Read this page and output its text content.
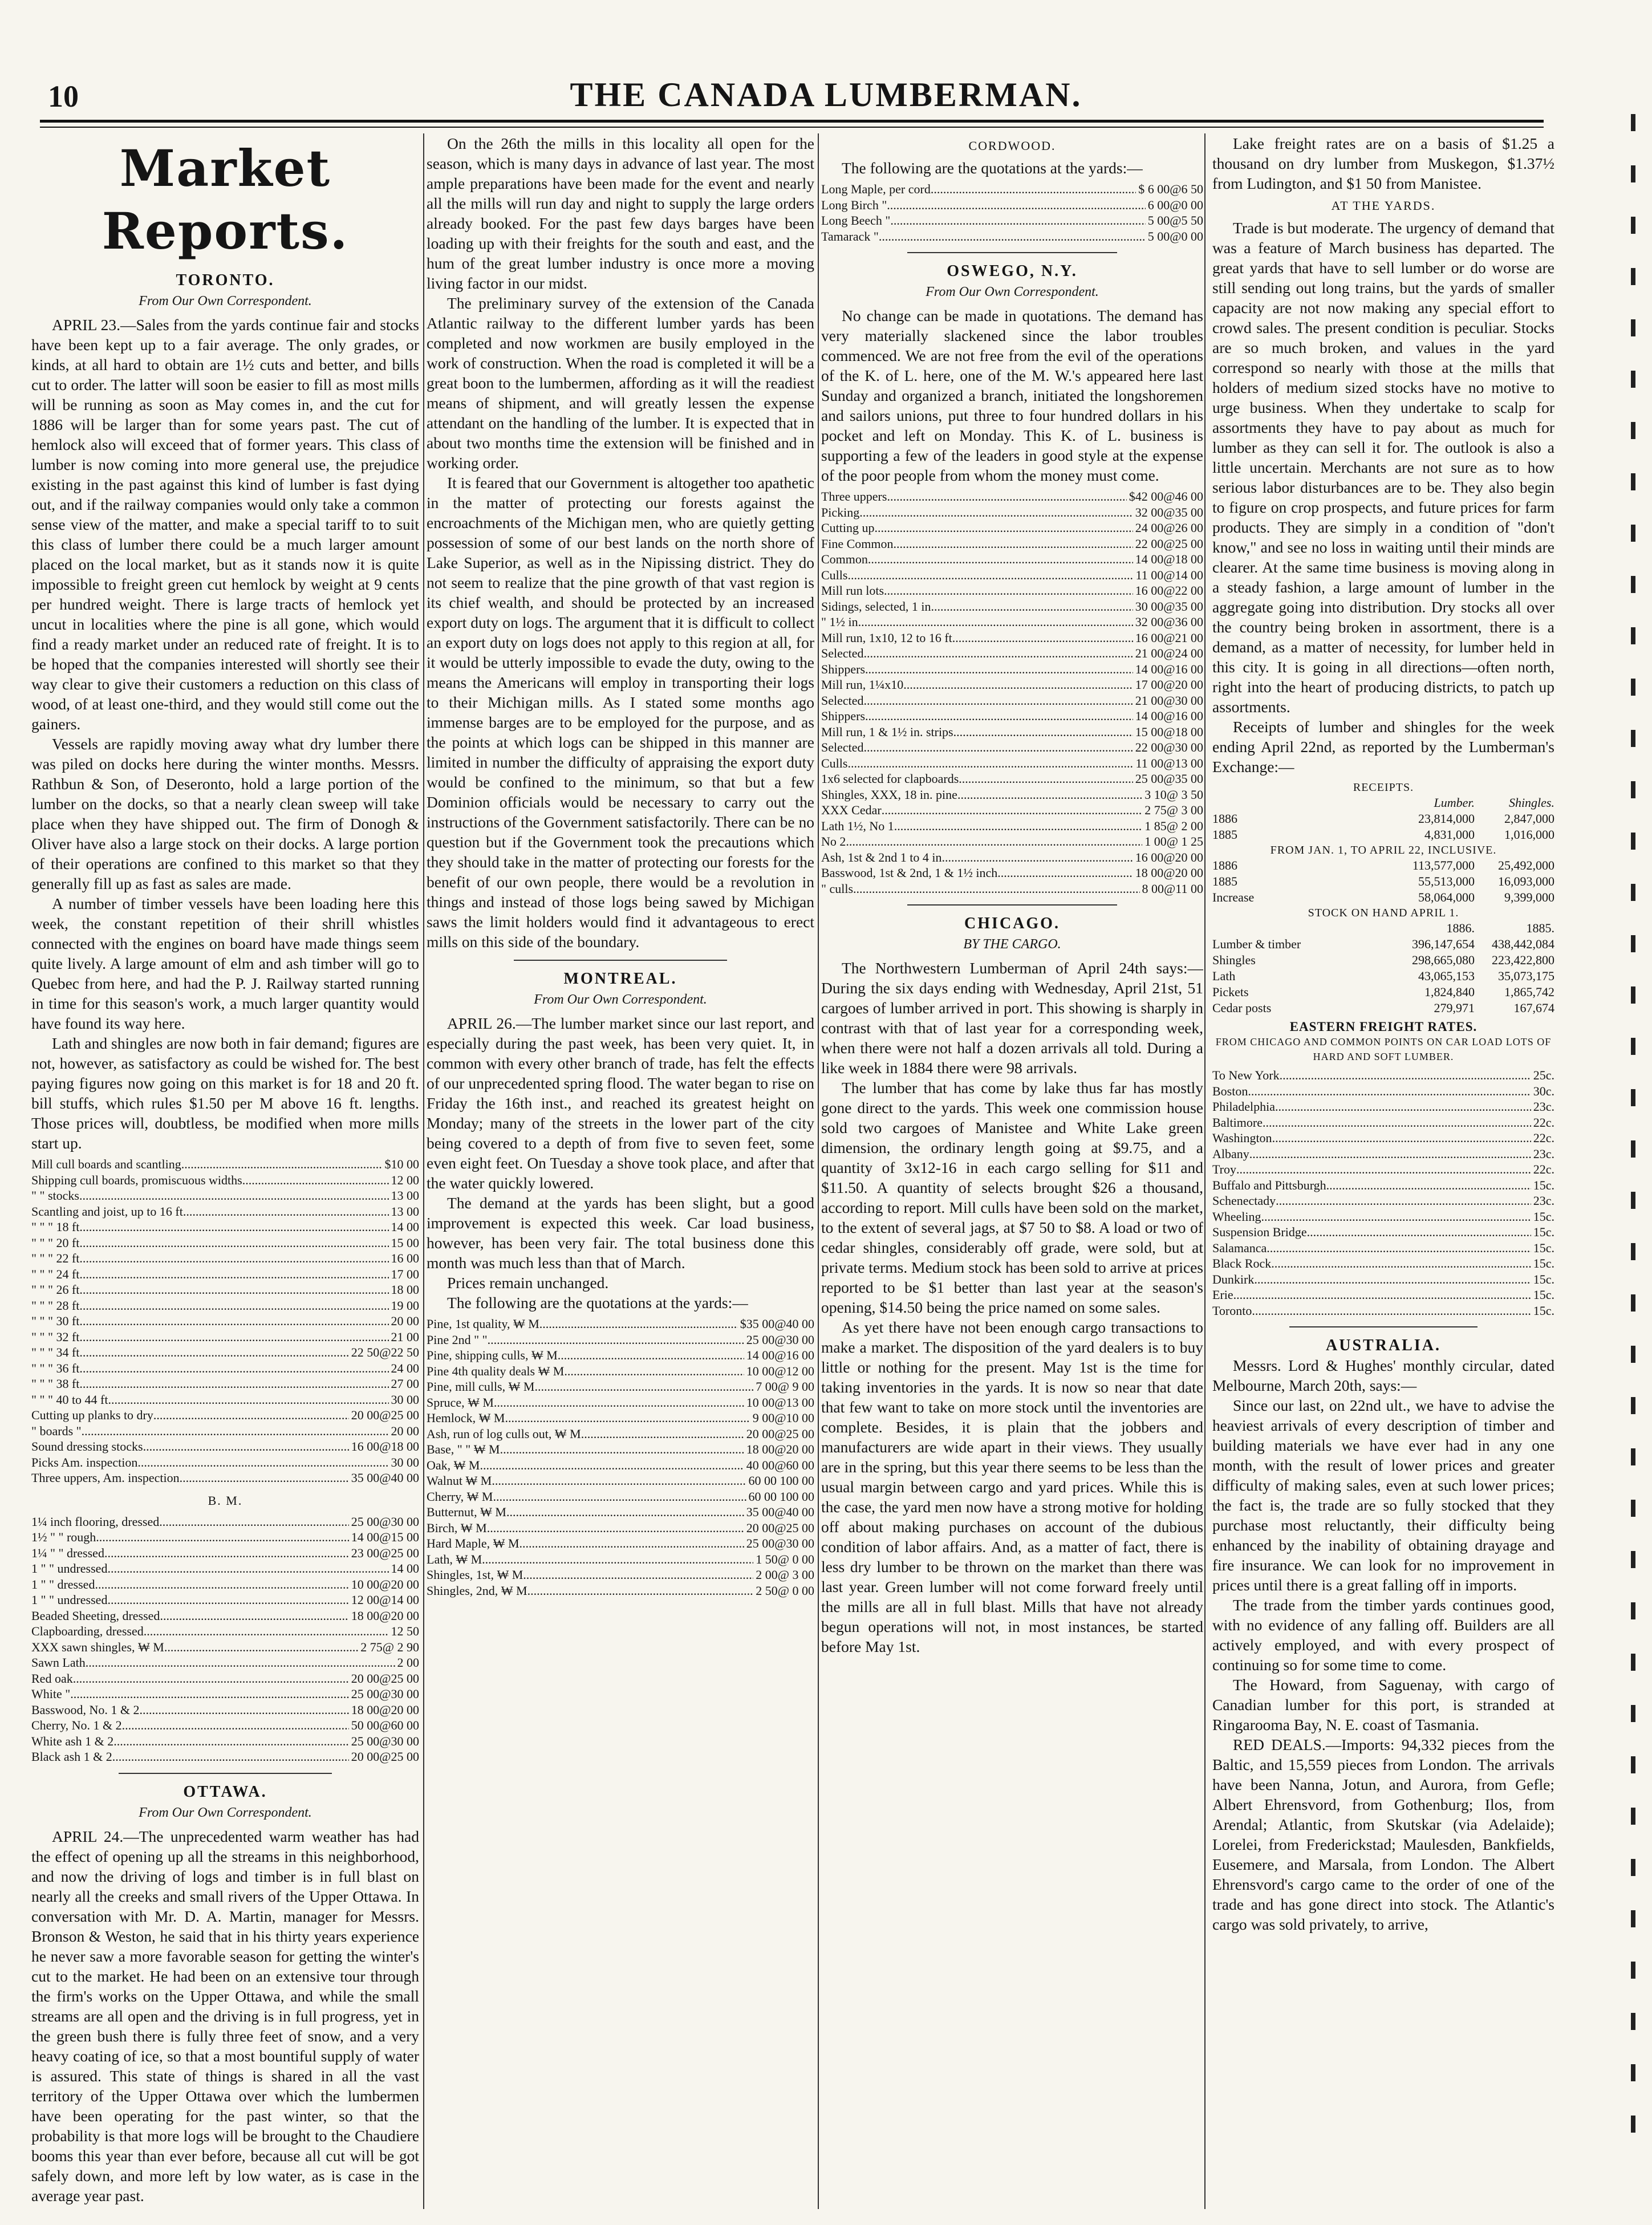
10	THE CANADA LUMBERMAN.
Market Reports.
TORONTO.
From Our Own Correspondent.

APRIL 23.—Sales from the yards continue fair and stocks have been kept up to a fair average. The only grades, or kinds, at all hard to obtain are 1½ cuts and better, and bills cut to order. The latter will soon be easier to fill as most mills will be running as soon as May comes in, and the cut for 1886 will be larger than for some years past. The cut of hemlock also will exceed that of former years. This class of lumber is now coming into more general use, the prejudice existing in the past against this kind of lumber is fast dying out, and if the railway companies would only take a common sense view of the matter, and make a special tariff to to suit this class of lumber there could be a much larger amount placed on the local market, but as it stands now it is quite impossible to freight green cut hemlock by weight at 9 cents per hundred weight. There is large tracts of hemlock yet uncut in localities where the pine is all gone, which would find a ready market under an reduced rate of freight. It is to be hoped that the companies interested will shortly see their way clear to give their customers a reduction on this class of wood, of at least one-third, and they would still come out the gainers.

Vessels are rapidly moving away what dry lumber there was piled on docks here during the winter months. Messrs. Rathbun & Son, of Deseronto, hold a large portion of the lumber on the docks, so that a nearly clean sweep will take place when they have shipped out. The firm of Donogh & Oliver have also a large stock on their docks. A large portion of their operations are confined to this market so that they generally fill up as fast as sales are made.

A number of timber vessels have been loading here this week, the constant repetition of their shrill whistles connected with the engines on board have made things seem quite lively. A large amount of elm and ash timber will go to Quebec from here, and had the P. J. Railway started running in time for this season's work, a much larger quantity would have found its way here.

Lath and shingles are now both in fair demand; figures are not, however, as satisfactory as could be wished for. The best paying figures now going on this market is for 18 and 20 ft. bill stuffs, which rules $1.50 per M above 16 ft. lengths. Those prices will, doubtless, be modified when more mills start up.

Mill cull boards and scantling .....	$10 00
Shipping cull boards, promiscuous widths .....	12 00
" " stocks .....	13 00
Scantling and joist, up to 16 ft .....	13 00
" " " 18 ft .....	14 00
" " " 20 ft .....	15 00
" " " 22 ft .....	16 00
" " " 24 ft .....	17 00
" " " 26 ft .....	18 00
" " " 28 ft .....	19 00
" " " 30 ft .....	20 00
" " " 32 ft .....	21 00
" " " 34 ft .....	22 50@22 50
" " " 36 ft .....	24 00
" " " 38 ft .....	27 00
" " " 40 to 44 ft .....	30 00
Cutting up planks to dry .....	20 00@25 00
" boards " .....	20 00
Sound dressing stocks .....	16 00@18 00
Picks Am. inspection .....	30 00
Three uppers, Am. inspection .....	35 00@40 00
B. M.
1¼ inch flooring, dressed .....	25 00@30 00
1½ " " rough .....	14 00@15 00
1¼ " " dressed .....	23 00@25 00
1 " " undressed .....	14 00
1 " " dressed .....	10 00@20 00
1 " " undressed .....	12 00@14 00
Beaded Sheeting, dressed .....	18 00@20 00
Clapboarding, dressed .....	12 50
XXX sawn shingles, ₩ M .....	2 75@ 2 90
Sawn Lath .....	2 00
Red oak .....	20 00@25 00
White " .....	25 00@30 00
Basswood, No. 1 & 2 .....	18 00@20 00
Cherry, No. 1 & 2 .....	50 00@60 00
White ash 1 & 2 .....	25 00@30 00
Black ash 1 & 2 .....	20 00@25 00
OTTAWA.
From Our Own Correspondent.

APRIL 24.—The unprecedented warm weather has had the effect of opening up all the streams in this neighborhood, and now the driving of logs and timber is in full blast on nearly all the creeks and small rivers of the Upper Ottawa. In conversation with Mr. D. A. Martin, manager for Messrs. Bronson & Weston, he said that in his thirty years experience he never saw a more favorable season for getting the winter's cut to the market. He had been on an extensive tour through the firm's works on the Upper Ottawa, and while the small streams are all open and the driving is in full progress, yet in the green bush there is fully three feet of snow, and a very heavy coating of ice, so that a most bountiful supply of water is assured. This state of things is shared in all the vast territory of the Upper Ottawa over which the lumbermen have been operating for the past winter, so that the probability is that more logs will be brought to the Chaudiere booms this year than ever before, because all cut will be got safely down, and more left by low water, as is case in the average year past.

On the 26th the mills in this locality all open for the season, which is many days in advance of last year. The most ample preparations have been made for the event and nearly all the mills will run day and night to supply the large orders already booked. For the past few days barges have been loading up with their freights for the south and east, and the hum of the great lumber industry is once more a moving living factor in our midst.

The preliminary survey of the extension of the Canada Atlantic railway to the different lumber yards has been completed and now workmen are busily employed in the work of construction. When the road is completed it will be a great boon to the lumbermen, affording as it will the readiest means of shipment, and will greatly lessen the expense attendant on the handling of the lumber. It is expected that in about two months time the extension will be finished and in working order.

It is feared that our Government is altogether too apathetic in the matter of protecting our forests against the encroachments of the Michigan men, who are quietly getting possession of some of our best lands on the north shore of Lake Superior, as well as in the Nipissing district. They do not seem to realize that the pine growth of that vast region is its chief wealth, and should be protected by an increased export duty on logs. The argument that it is difficult to collect an export duty on logs does not apply to this region at all, for it would be utterly impossible to evade the duty, owing to the means the Americans will employ in transporting their logs to their Michigan mills. As I stated some months ago immense barges are to be employed for the purpose, and as the points at which logs can be shipped in this manner are limited in number the difficulty of appraising the export duty would be confined to the minimum, so that but a few Dominion officials would be necessary to carry out the instructions of the Government satisfactorily. There can be no question but if the Government took the precautions which they should take in the matter of protecting our forests for the benefit of our own people, there would be a revolution in things and instead of those logs being sawed by Michigan saws the limit holders would find it advantageous to erect mills on this side of the boundary.

MONTREAL.
From Our Own Correspondent.

APRIL 26.—The lumber market since our last report, and especially during the past week, has been very quiet. It, in common with every other branch of trade, has felt the effects of our unprecedented spring flood. The water began to rise on Friday the 16th inst., and reached its greatest height on Monday; many of the streets in the lower part of the city being covered to a depth of from five to seven feet, some even eight feet. On Tuesday a shove took place, and after that the water quickly lowered.

The demand at the yards has been slight, but a good improvement is expected this week. Car load business, however, has been very fair. The total business done this month was much less than that of March.

Prices remain unchanged.

The following are the quotations at the yards:—

Pine, 1st quality, ₩ M .....	$35 00@40 00
Pine 2nd " " .....	25 00@30 00
Pine, shipping culls, ₩ M .....	14 00@16 00
Pine 4th quality deals ₩ M .....	10 00@12 00
Pine, mill culls, ₩ M .....	7 00@ 9 00
Spruce, ₩ M .....	10 00@13 00
Hemlock, ₩ M .....	9 00@10 00
Ash, run of log culls out, ₩ M .....	20 00@25 00
Base, " " ₩ M .....	18 00@20 00
Oak, ₩ M .....	40 00@60 00
Walnut ₩ M .....	60 00 100 00
Cherry, ₩ M .....	60 00 100 00
Butternut, ₩ M .....	35 00@40 00
Birch, ₩ M .....	20 00@25 00
Hard Maple, ₩ M .....	25 00@30 00
Lath, ₩ M .....	1 50@ 0 00
Shingles, 1st, ₩ M .....	2 00@ 3 00
Shingles, 2nd, ₩ M .....	2 50@ 0 00
CORDWOOD.

The following are the quotations at the yards:—

Long Maple, per cord .....	$ 6 00@6 50
Long Birch " .....	6 00@0 00
Long Beech " .....	5 00@5 50
Tamarack " .....	5 00@0 00
OSWEGO, N.Y.
From Our Own Correspondent.

No change can be made in quotations. The demand has very materially slackened since the labor troubles commenced. We are not free from the evil of the operations of the K. of L. here, one of the M. W.'s appeared here last Sunday and organized a branch, initiated the longshoremen and sailors unions, put three to four hundred dollars in his pocket and left on Monday. This K. of L. business is supporting a few of the leaders in good style at the expense of the poor people from whom the money must come.

Three uppers .....	$42 00@46 00
Picking .....	32 00@35 00
Cutting up .....	24 00@26 00
Fine Common .....	22 00@25 00
Common .....	14 00@18 00
Culls .....	11 00@14 00
Mill run lots .....	16 00@22 00
Sidings, selected, 1 in .....	30 00@35 00
" 1½ in .....	32 00@36 00
Mill run, 1x10, 12 to 16 ft .....	16 00@21 00
Selected .....	21 00@24 00
Shippers .....	14 00@16 00
Mill run, 1¼x10 .....	17 00@20 00
Selected .....	21 00@30 00
Shippers .....	14 00@16 00
Mill run, 1 & 1½ in. strips .....	15 00@18 00
Selected .....	22 00@30 00
Culls .....	11 00@13 00
1x6 selected for clapboards .....	25 00@35 00
Shingles, XXX, 18 in. pine .....	3 10@ 3 50
XXX Cedar .....	2 75@ 3 00
Lath 1½, No 1 .....	1 85@ 2 00
No 2 .....	1 00@ 1 25
Ash, 1st & 2nd 1 to 4 in .....	16 00@20 00
Basswood, 1st & 2nd, 1 & 1½ inch .....	18 00@20 00
" culls .....	8 00@11 00
CHICAGO.
BY THE CARGO.

The Northwestern Lumberman of April 24th says:—During the six days ending with Wednesday, April 21st, 51 cargoes of lumber arrived in port. This showing is sharply in contrast with that of last year for a corresponding week, when there were not half a dozen arrivals all told. During a like week in 1884 there were 98 arrivals.

The lumber that has come by lake thus far has mostly gone direct to the yards. This week one commission house sold two cargoes of Manistee and White Lake green dimension, the ordinary length going at $9.75, and a quantity of 3x12-16 in each cargo selling for $11 and $11.50. A quantity of selects brought $26 a thousand, according to report. Mill culls have been sold on the market, to the extent of several jags, at $7 50 to $8. A load or two of cedar shingles, considerably off grade, were sold, but at private terms. Medium stock has been sold to arrive at prices reported to be $1 better than last year at the season's opening, $14.50 being the price named on some sales.

As yet there have not been enough cargo transactions to make a market. The disposition of the yard dealers is to buy little or nothing for the present. May 1st is the time for taking inventories in the yards. It is now so near that date that few want to take on more stock until the inventories are complete. Besides, it is plain that the jobbers and manufacturers are wide apart in their views. They usually are in the spring, but this year there seems to be less than the usual margin between cargo and yard prices. While this is the case, the yard men now have a strong motive for holding off about making purchases on account of the dubious condition of labor affairs. And, as a matter of fact, there is less dry lumber to be thrown on the market than there was last year. Green lumber will not come forward freely until the mills are all in full blast. Mills that have not already begun operations will not, in most instances, be started before May 1st.

Lake freight rates are on a basis of $1.25 a thousand on dry lumber from Muskegon, $1.37½ from Ludington, and $1 50 from Manistee.

AT THE YARDS.

Trade is but moderate. The urgency of demand that was a feature of March business has departed. The great yards that have to sell lumber or do worse are still sending out long trains, but the yards of smaller capacity are not now making any special effort to crowd sales. The present condition is peculiar. Stocks are so much broken, and values in the yard correspond so nearly with those at the mills that holders of medium sized stocks have no motive to urge business. When they undertake to scalp for assortments they have to pay about as much for lumber as they can sell it for. The outlook is also a little uncertain. Merchants are not sure as to how serious labor disturbances are to be. They also begin to figure on crop prospects, and future prices for farm products. They are simply in a condition of "don't know," and see no loss in waiting until their minds are clearer. At the same time business is moving along in a steady fashion, a large amount of lumber in the aggregate going into distribution. Dry stocks all over the country being broken in assortment, there is a demand, as a matter of necessity, for lumber held in this city. It is going in all directions—often north, right into the heart of producing districts, to patch up assortments.

Receipts of lumber and shingles for the week ending April 22nd, as reported by the Lumberman's Exchange:—

RECEIPTS.
Lumber.	Shingles.
1886	23,814,000	2,847,000
1885	4,831,000	1,016,000
FROM JAN. 1, TO APRIL 22, INCLUSIVE.
1886	113,577,000	25,492,000
1885	55,513,000	16,093,000
Increase	58,064,000	9,399,000
STOCK ON HAND APRIL 1.
1886.	1885.
Lumber & timber	396,147,654	438,442,084
Shingles	298,665,080	223,422,800
Lath	43,065,153	35,073,175
Pickets	1,824,840	1,865,742
Cedar posts	279,971	167,674
EASTERN FREIGHT RATES.
FROM CHICAGO AND COMMON POINTS ON CAR LOAD LOTS OF HARD AND SOFT LUMBER.
To New York .....	25c.
Boston .....	30c.
Philadelphia .....	23c.
Baltimore .....	22c.
Washington .....	22c.
Albany .....	23c.
Troy .....	22c.
Buffalo and Pittsburgh .....	15c.
Schenectady .....	23c.
Wheeling .....	15c.
Suspension Bridge .....	15c.
Salamanca .....	15c.
Black Rock .....	15c.
Dunkirk .....	15c.
Erie .....	15c.
Toronto .....	15c.
AUSTRALIA.

Messrs. Lord & Hughes' monthly circular, dated Melbourne, March 20th, says:—

Since our last, on 22nd ult., we have to advise the heaviest arrivals of every description of timber and building materials we have ever had in any one month, with the result of lower prices and greater difficulty of making sales, even at such lower prices; the fact is, the trade are so fully stocked that they purchase most reluctantly, their difficulty being enhanced by the inability of obtaining drayage and fire insurance. We can look for no improvement in prices until there is a great falling off in imports.

The trade from the timber yards continues good, with no evidence of any falling off. Builders are all actively employed, and with every prospect of continuing so for some time to come.

The Howard, from Saguenay, with cargo of Canadian lumber for this port, is stranded at Ringarooma Bay, N. E. coast of Tasmania.

RED DEALS.—Imports: 94,332 pieces from the Baltic, and 15,559 pieces from London. The arrivals have been Nanna, Jotun, and Aurora, from Gefle; Albert Ehrensvord, from Gothenburg; Ilos, from Arendal; Atlantic, from Skutskar (via Adelaide); Lorelei, from Frederickstad; Maulesden, Bankfields, Eusemere, and Marsala, from London. The Albert Ehrensvord's cargo came to the order of one of the trade and has gone direct into stock. The Atlantic's cargo was sold privately, to arrive,
